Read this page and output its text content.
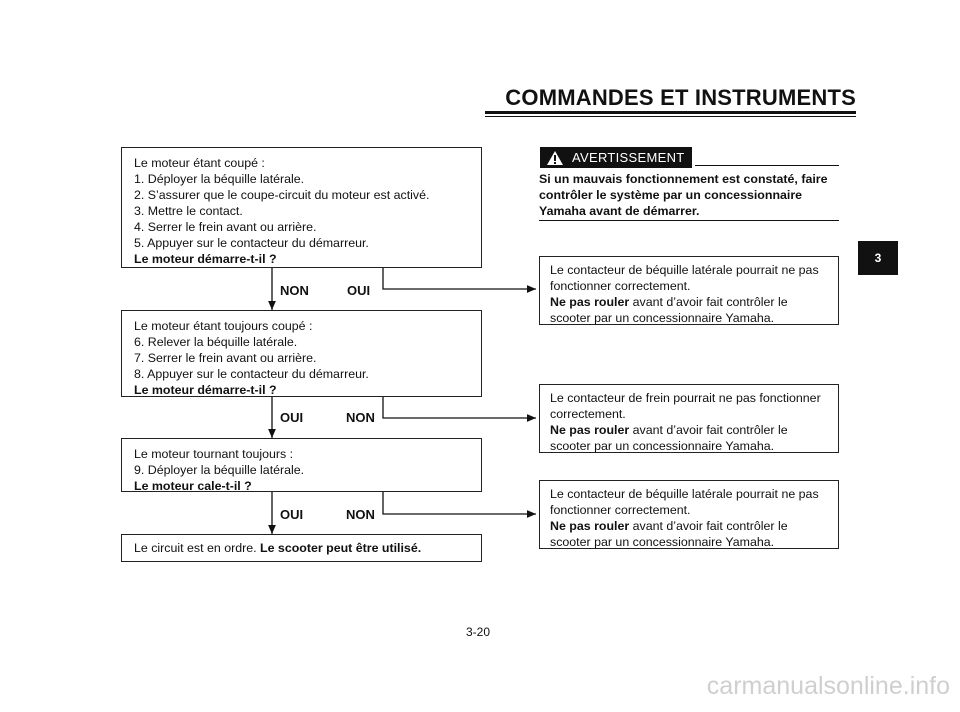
COMMANDES ET INSTRUMENTS
3
Le moteur étant coupé :
1. Déployer la béquille latérale.
2. S’assurer que le coupe-circuit du moteur est activé.
3. Mettre le contact.
4. Serrer le frein avant ou arrière.
5. Appuyer sur le contacteur du démarreur.
Le moteur démarre-t-il ?
NON	OUI
Le moteur étant toujours coupé :
6. Relever la béquille latérale.
7. Serrer le frein avant ou arrière.
8. Appuyer sur le contacteur du démarreur.
Le moteur démarre-t-il ?
OUI	NON
Le moteur tournant toujours :
9. Déployer la béquille latérale.
Le moteur cale-t-il ?
OUI	NON
Le circuit est en ordre. Le scooter peut être utilisé.
AVERTISSEMENT
Si un mauvais fonctionnement est constaté, faire
contrôler le système par un concessionnaire
Yamaha avant de démarrer.
Le contacteur de béquille latérale pourrait ne pas
fonctionner correctement.
Ne pas rouler avant d’avoir fait contrôler le
scooter par un concessionnaire Yamaha.
Le contacteur de frein pourrait ne pas fonctionner
correctement.
Ne pas rouler avant d’avoir fait contrôler le
scooter par un concessionnaire Yamaha.
Le contacteur de béquille latérale pourrait ne pas
fonctionner correctement.
Ne pas rouler avant d’avoir fait contrôler le
scooter par un concessionnaire Yamaha.
3-20
carmanualsonline.info
